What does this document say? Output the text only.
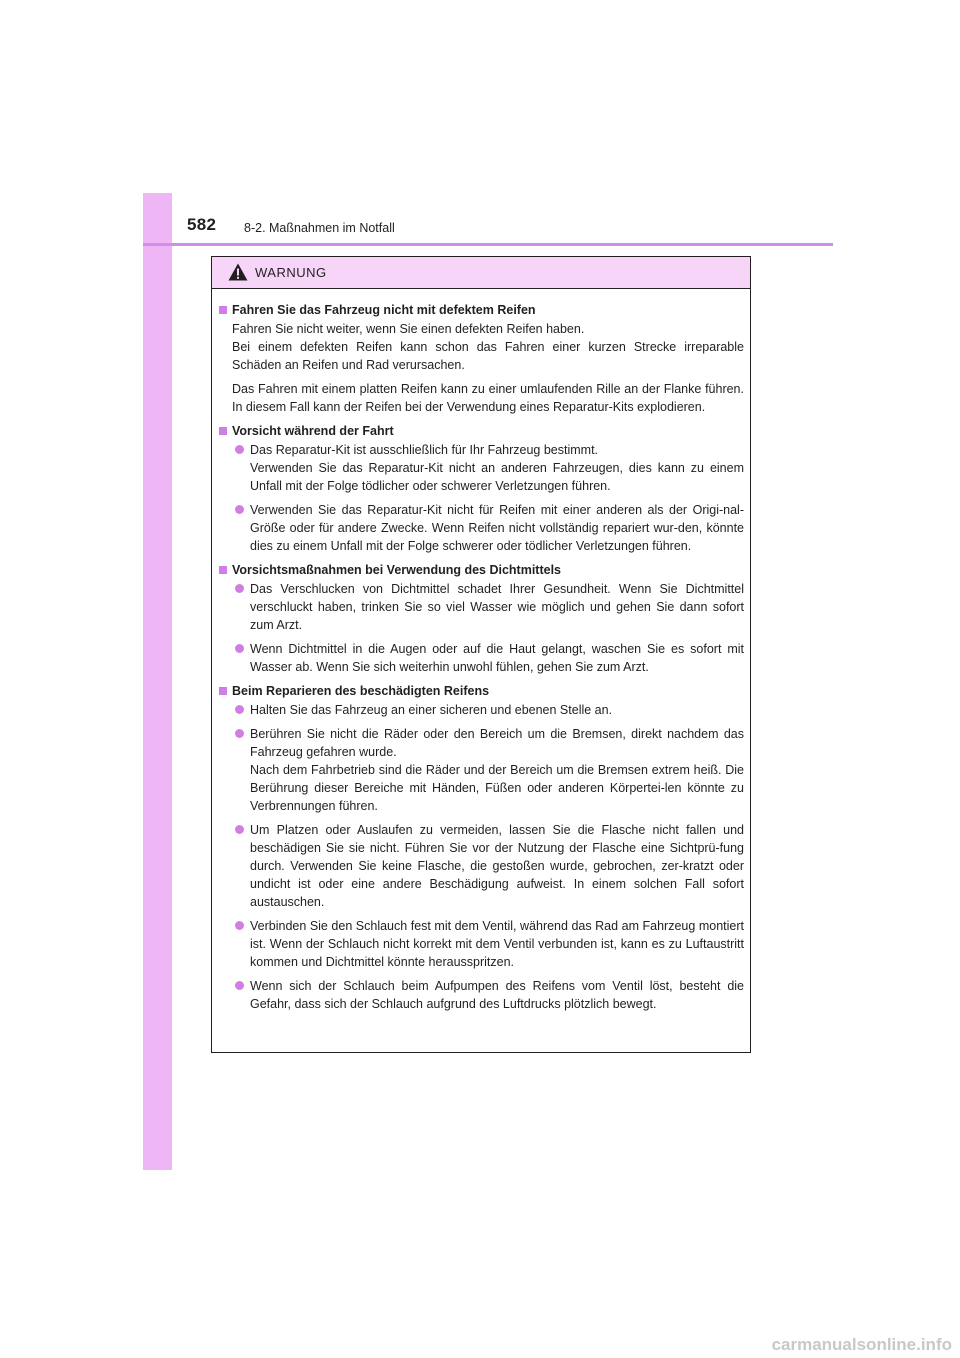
582 8-2. Maßnahmen im Notfall
WARNUNG
Fahren Sie das Fahrzeug nicht mit defektem Reifen
Fahren Sie nicht weiter, wenn Sie einen defekten Reifen haben.
Bei einem defekten Reifen kann schon das Fahren einer kurzen Strecke irreparable Schäden an Reifen und Rad verursachen.
Das Fahren mit einem platten Reifen kann zu einer umlaufenden Rille an der Flanke führen. In diesem Fall kann der Reifen bei der Verwendung eines Reparatur-Kits explodieren.
Vorsicht während der Fahrt
Das Reparatur-Kit ist ausschließlich für Ihr Fahrzeug bestimmt.
Verwenden Sie das Reparatur-Kit nicht an anderen Fahrzeugen, dies kann zu einem Unfall mit der Folge tödlicher oder schwerer Verletzungen führen.
Verwenden Sie das Reparatur-Kit nicht für Reifen mit einer anderen als der Origi-nal-Größe oder für andere Zwecke. Wenn Reifen nicht vollständig repariert wur-den, könnte dies zu einem Unfall mit der Folge schwerer oder tödlicher Verletzungen führen.
Vorsichtsmaßnahmen bei Verwendung des Dichtmittels
Das Verschlucken von Dichtmittel schadet Ihrer Gesundheit. Wenn Sie Dichtmittel verschluckt haben, trinken Sie so viel Wasser wie möglich und gehen Sie dann sofort zum Arzt.
Wenn Dichtmittel in die Augen oder auf die Haut gelangt, waschen Sie es sofort mit Wasser ab. Wenn Sie sich weiterhin unwohl fühlen, gehen Sie zum Arzt.
Beim Reparieren des beschädigten Reifens
Halten Sie das Fahrzeug an einer sicheren und ebenen Stelle an.
Berühren Sie nicht die Räder oder den Bereich um die Bremsen, direkt nachdem das Fahrzeug gefahren wurde.
Nach dem Fahrbetrieb sind die Räder und der Bereich um die Bremsen extrem heiß. Die Berührung dieser Bereiche mit Händen, Füßen oder anderen Körpertei-len könnte zu Verbrennungen führen.
Um Platzen oder Auslaufen zu vermeiden, lassen Sie die Flasche nicht fallen und beschädigen Sie sie nicht. Führen Sie vor der Nutzung der Flasche eine Sichtprü-fung durch. Verwenden Sie keine Flasche, die gestoßen wurde, gebrochen, zer-kratzt oder undicht ist oder eine andere Beschädigung aufweist. In einem solchen Fall sofort austauschen.
Verbinden Sie den Schlauch fest mit dem Ventil, während das Rad am Fahrzeug montiert ist. Wenn der Schlauch nicht korrekt mit dem Ventil verbunden ist, kann es zu Luftaustritt kommen und Dichtmittel könnte herausspritzen.
Wenn sich der Schlauch beim Aufpumpen des Reifens vom Ventil löst, besteht die Gefahr, dass sich der Schlauch aufgrund des Luftdrucks plötzlich bewegt.
carmanualsonline.info
